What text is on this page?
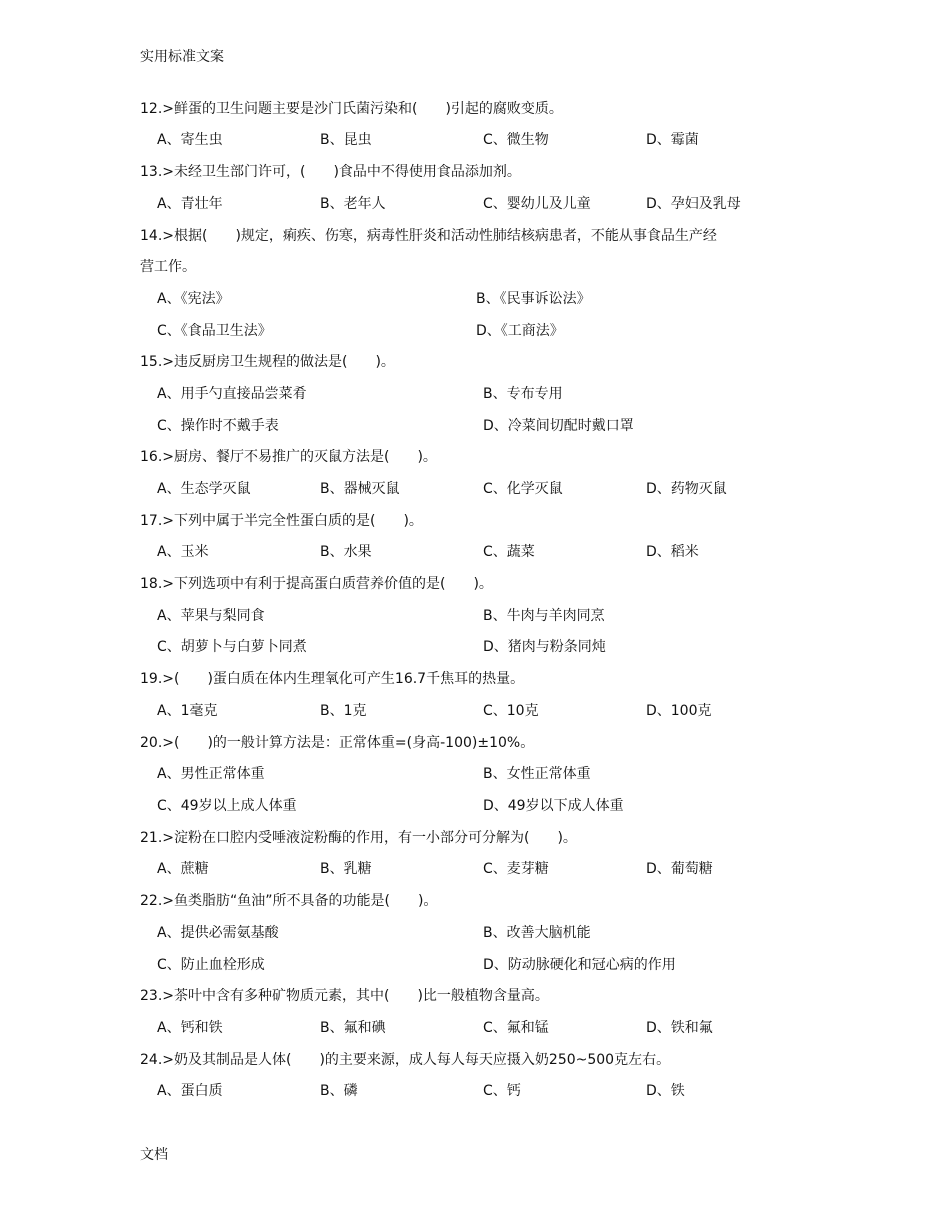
实用标准文案
12.>鲜蛋的卫生问题主要是沙门氏菌污染和(　　)引起的腐败变质。
A、寄生虫	B、昆虫	C、微生物	D、霉菌
13.>未经卫生部门许可，(　　)食品中不得使用食品添加剂。
A、青壮年	B、老年人	C、婴幼儿及儿童	D、孕妇及乳母
14.>根据(　　)规定，痢疾、伤寒，病毒性肝炎和活动性肺结核病患者，不能从事食品生产经
营工作。
A、《宪法》	B、《民事诉讼法》
C、《食品卫生法》	D、《工商法》
15.>违反厨房卫生规程的做法是(　　)。
A、用手勺直接品尝菜肴	B、专布专用
C、操作时不戴手表	D、冷菜间切配时戴口罩
16.>厨房、餐厅不易推广的灭鼠方法是(　　)。
A、生态学灭鼠	B、器械灭鼠	C、化学灭鼠	D、药物灭鼠
17.>下列中属于半完全性蛋白质的是(　　)。
A、玉米	B、水果	C、蔬菜	D、稻米
18.>下列选项中有利于提高蛋白质营养价值的是(　　)。
A、苹果与梨同食	B、牛肉与羊肉同烹
C、胡萝卜与白萝卜同煮	D、猪肉与粉条同炖
19.>(　　)蛋白质在体内生理氧化可产生16.7千焦耳的热量。
A、1毫克	B、1克	C、10克	D、100克
20.>(　　)的一般计算方法是：正常体重=(身高-100)±10%。
A、男性正常体重	B、女性正常体重
C、49岁以上成人体重	D、49岁以下成人体重
21.>淀粉在口腔内受唾液淀粉酶的作用，有一小部分可分解为(　　)。
A、蔗糖	B、乳糖	C、麦芽糖	D、葡萄糖
22.>鱼类脂肪“鱼油”所不具备的功能是(　　)。
A、提供必需氨基酸	B、改善大脑机能
C、防止血栓形成	D、防动脉硬化和冠心病的作用
23.>茶叶中含有多种矿物质元素，其中(　　)比一般植物含量高。
A、钙和铁	B、氟和碘	C、氟和锰	D、铁和氟
24.>奶及其制品是人体(　　)的主要来源，成人每人每天应摄入奶250~500克左右。
A、蛋白质	B、磷	C、钙	D、铁
文档
